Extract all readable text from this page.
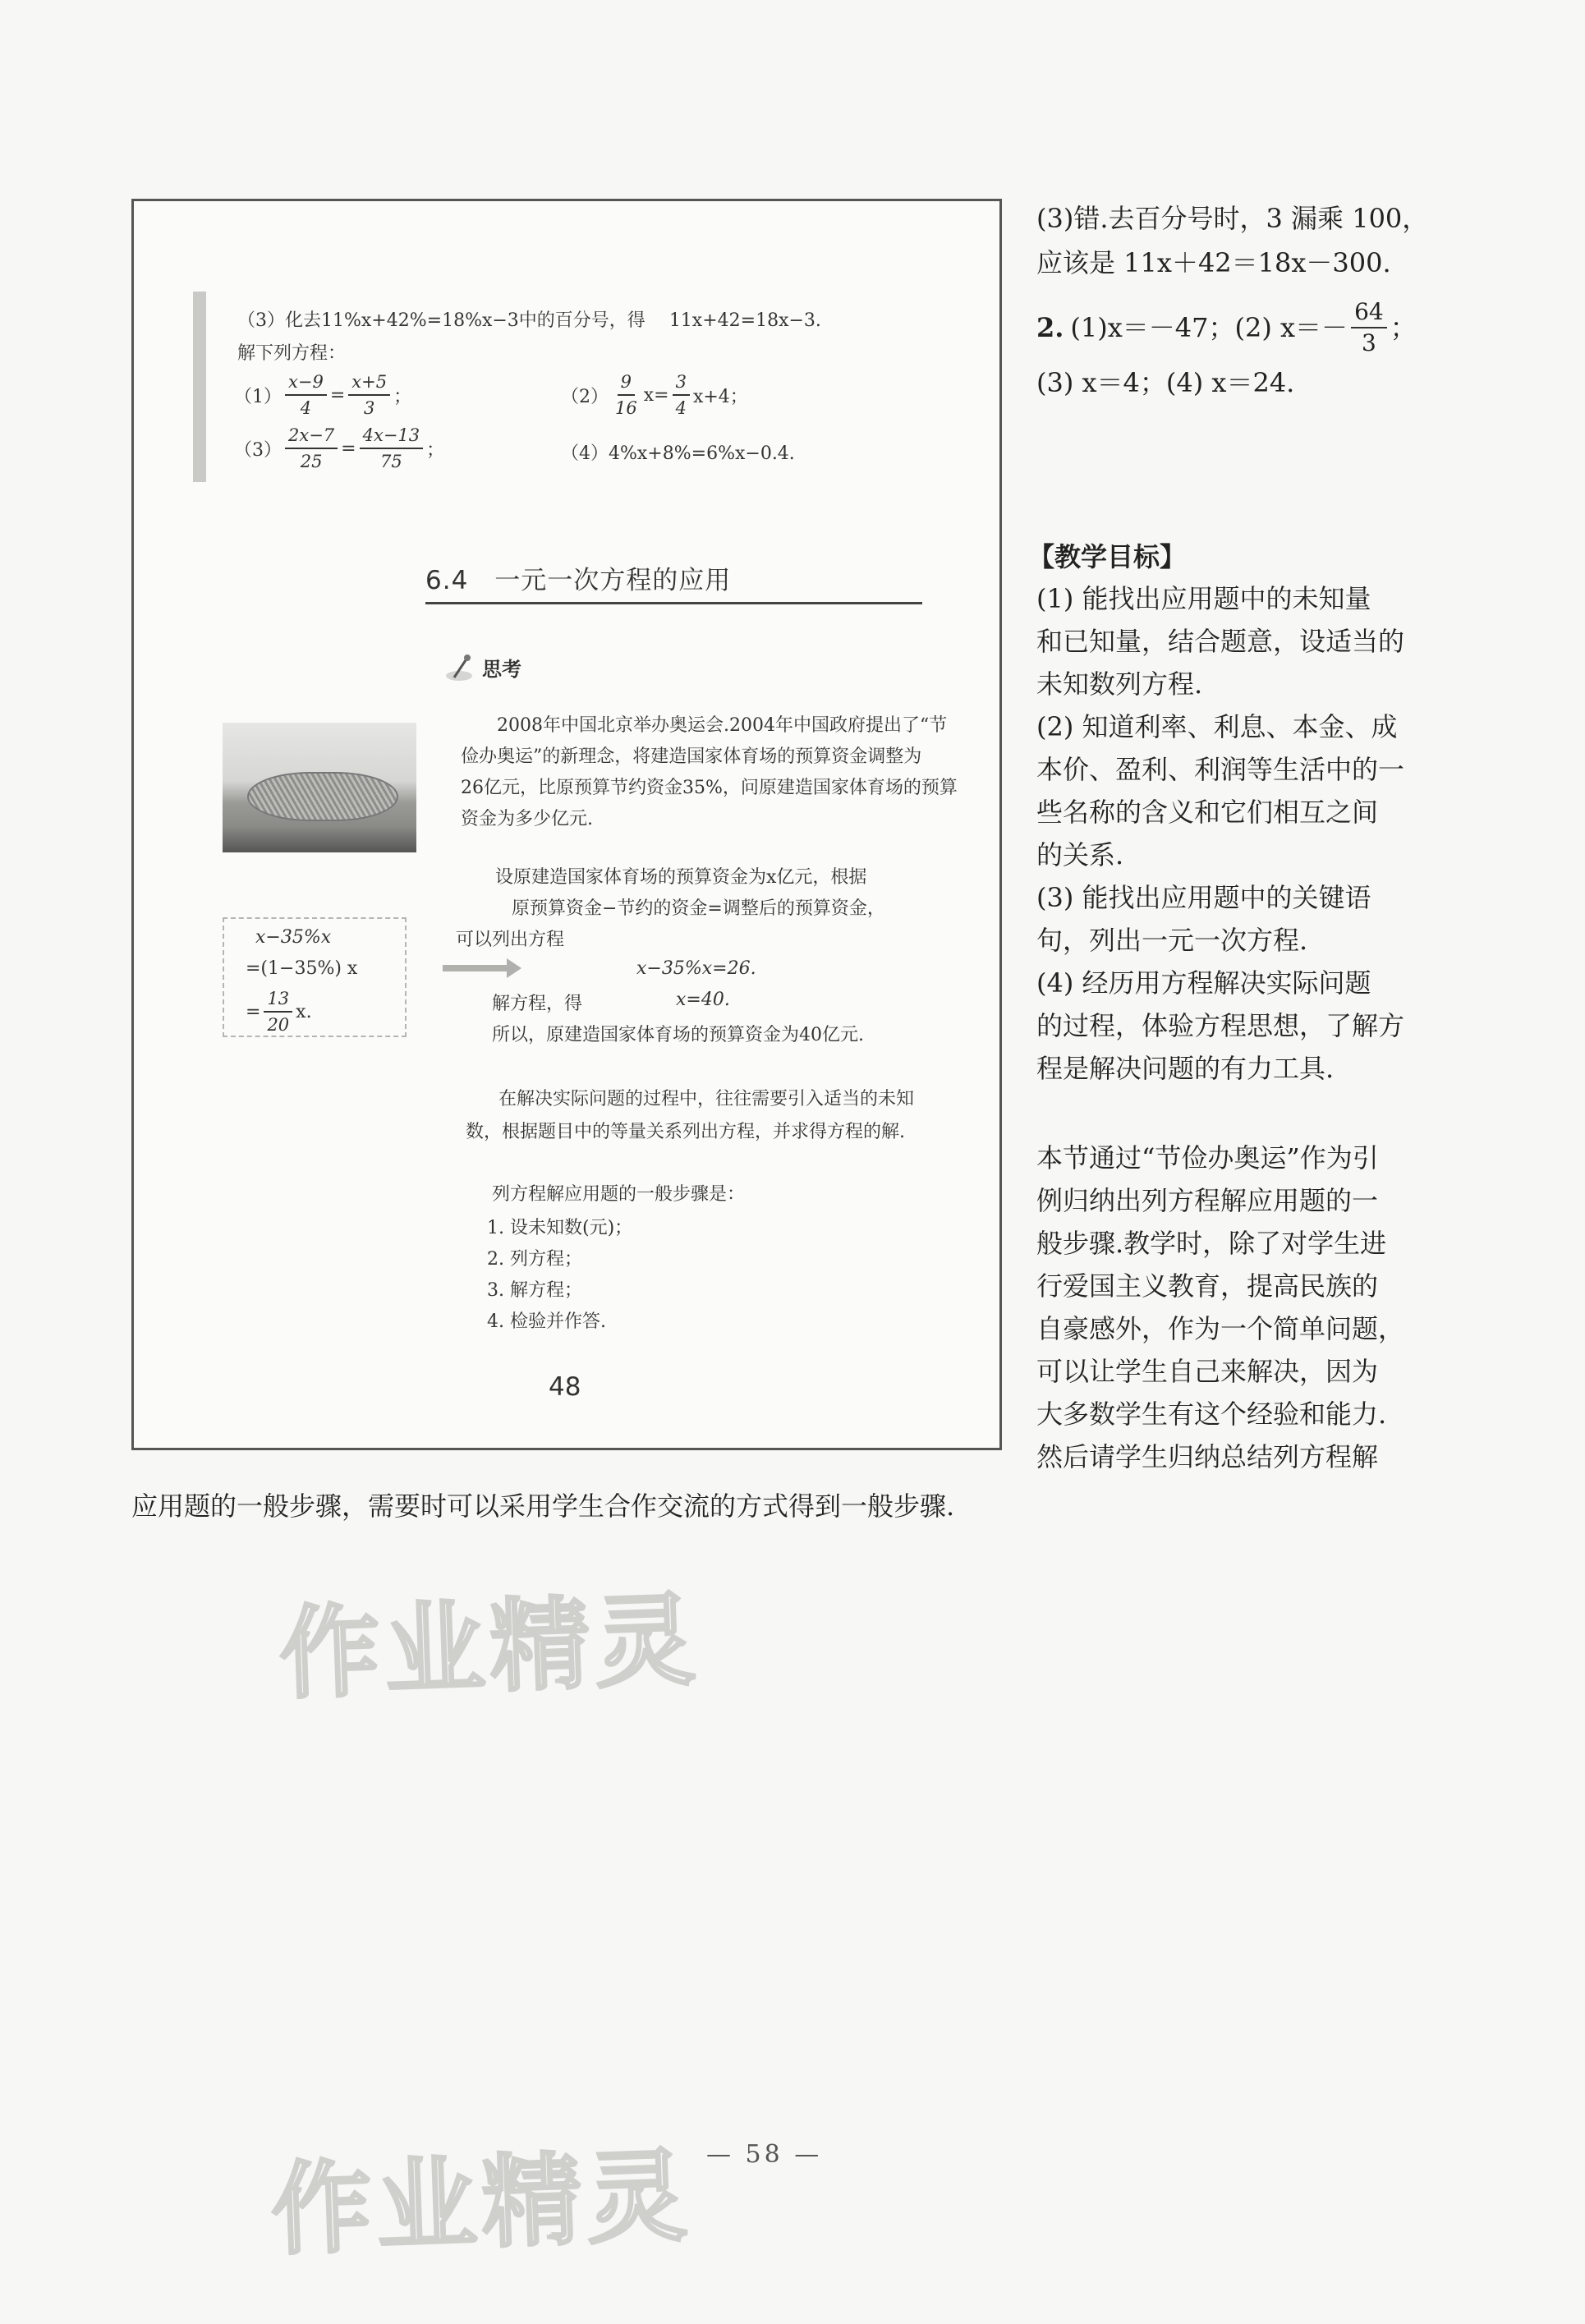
（3）化去11%x+42%=18%x−3中的百分号，得 11x+42=18x−3.
解下列方程：
$(1) \frac{x-9}{4} = \frac{x+5}{3}$ ；	$(2) \frac{9}{16} x= \frac{3}{4} x+4$；
$(3) \frac{2x-7}{25} = \frac{4x-13}{75}$ ；	（4）4%x+8%=6%x−0.4.
6.4　一元一次方程的应用
思考
2008年中国北京举办奥运会.2004年中国政府提出了“节
俭办奥运”的新理念，将建造国家体育场的预算资金调整为
26亿元，比原预算节约资金35%，问原建造国家体育场的预算
资金为多少亿元.
x−35%x
=(1−35%) x
= $\frac{13}{20} x$.
设原建造国家体育场的预算资金为x亿元，根据
原预算资金−节约的资金=调整后的预算资金，
可以列出方程
x−35%x=26.
解方程，得	x=40.
所以，原建造国家体育场的预算资金为40亿元.
在解决实际问题的过程中，往往需要引入适当的未知
数，根据题目中的等量关系列出方程，并求得方程的解.
列方程解应用题的一般步骤是：
1. 设未知数(元)；
2. 列方程；
3. 解方程；
4. 检验并作答.
48
(3)错.去百分号时，3 漏乘 100，
应该是 11x＋42＝18x－300.
2. (1)x＝－47；(2) $x=- \frac{64}{3}$ ；
(3) x＝4；(4) x＝24.
【教学目标】
(1) 能找出应用题中的未知量
和已知量，结合题意，设适当的
未知数列方程.
(2) 知道利率、利息、本金、成
本价、盈利、利润等生活中的一
些名称的含义和它们相互之间
的关系.
(3) 能找出应用题中的关键语
句，列出一元一次方程.
(4) 经历用方程解决实际问题
的过程，体验方程思想，了解方
程是解决问题的有力工具.
本节通过“节俭办奥运”作为引
例归纳出列方程解应用题的一
般步骤.教学时，除了对学生进
行爱国主义教育，提高民族的
自豪感外，作为一个简单问题，
可以让学生自己来解决，因为
大多数学生有这个经验和能力.
然后请学生归纳总结列方程解
应用题的一般步骤，需要时可以采用学生合作交流的方式得到一般步骤.
作业精灵
作业精灵 — 58 —
